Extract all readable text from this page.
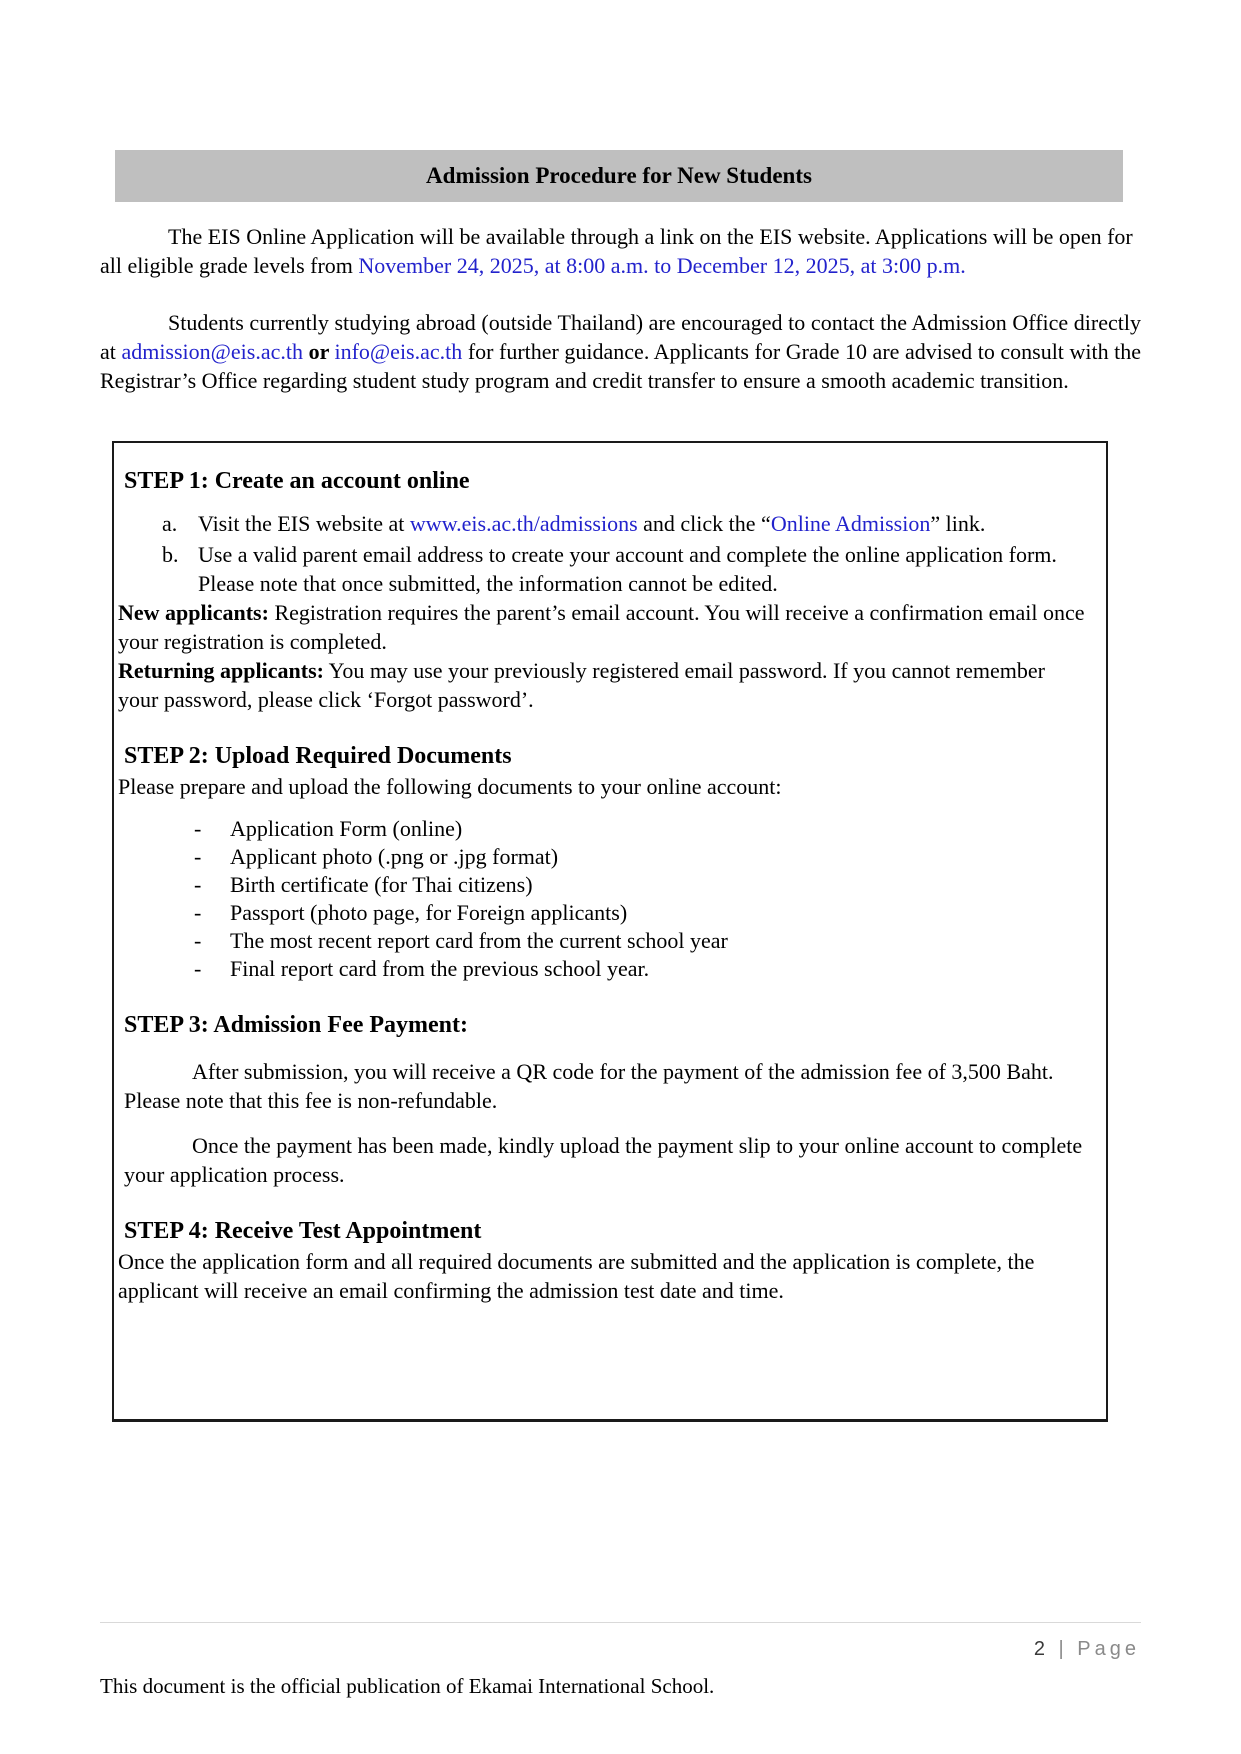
Admission Procedure for New Students

The EIS Online Application will be available through a link on the EIS website. Applications will be open for all eligible grade levels from November 24, 2025, at 8:00 a.m. to December 12, 2025, at 3:00 p.m.

Students currently studying abroad (outside Thailand) are encouraged to contact the Admission Office directly at admission@eis.ac.th or info@eis.ac.th for further guidance. Applicants for Grade 10 are advised to consult with the Registrar’s Office regarding student study program and credit transfer to ensure a smooth academic transition.

STEP 1: Create an account online
a. Visit the EIS website at www.eis.ac.th/admissions and click the “Online Admission” link.
b. Use a valid parent email address to create your account and complete the online application form. Please note that once submitted, the information cannot be edited.

New applicants: Registration requires the parent’s email account. You will receive a confirmation email once your registration is completed.

Returning applicants: You may use your previously registered email password. If you cannot remember your password, please click ‘Forgot password’.

STEP 2: Upload Required Documents

Please prepare and upload the following documents to your online account:

-	Application Form (online)
-	Applicant photo (.png or .jpg format)
-	Birth certificate (for Thai citizens)
-	Passport (photo page, for Foreign applicants)
-	The most recent report card from the current school year
-	Final report card from the previous school year.
STEP 3: Admission Fee Payment:

After submission, you will receive a QR code for the payment of the admission fee of 3,500 Baht. Please note that this fee is non-refundable.

Once the payment has been made, kindly upload the payment slip to your online account to complete your application process.

STEP 4: Receive Test Appointment

Once the application form and all required documents are submitted and the application is complete, the applicant will receive an email confirming the admission test date and time.

2 | Page
This document is the official publication of Ekamai International School.
